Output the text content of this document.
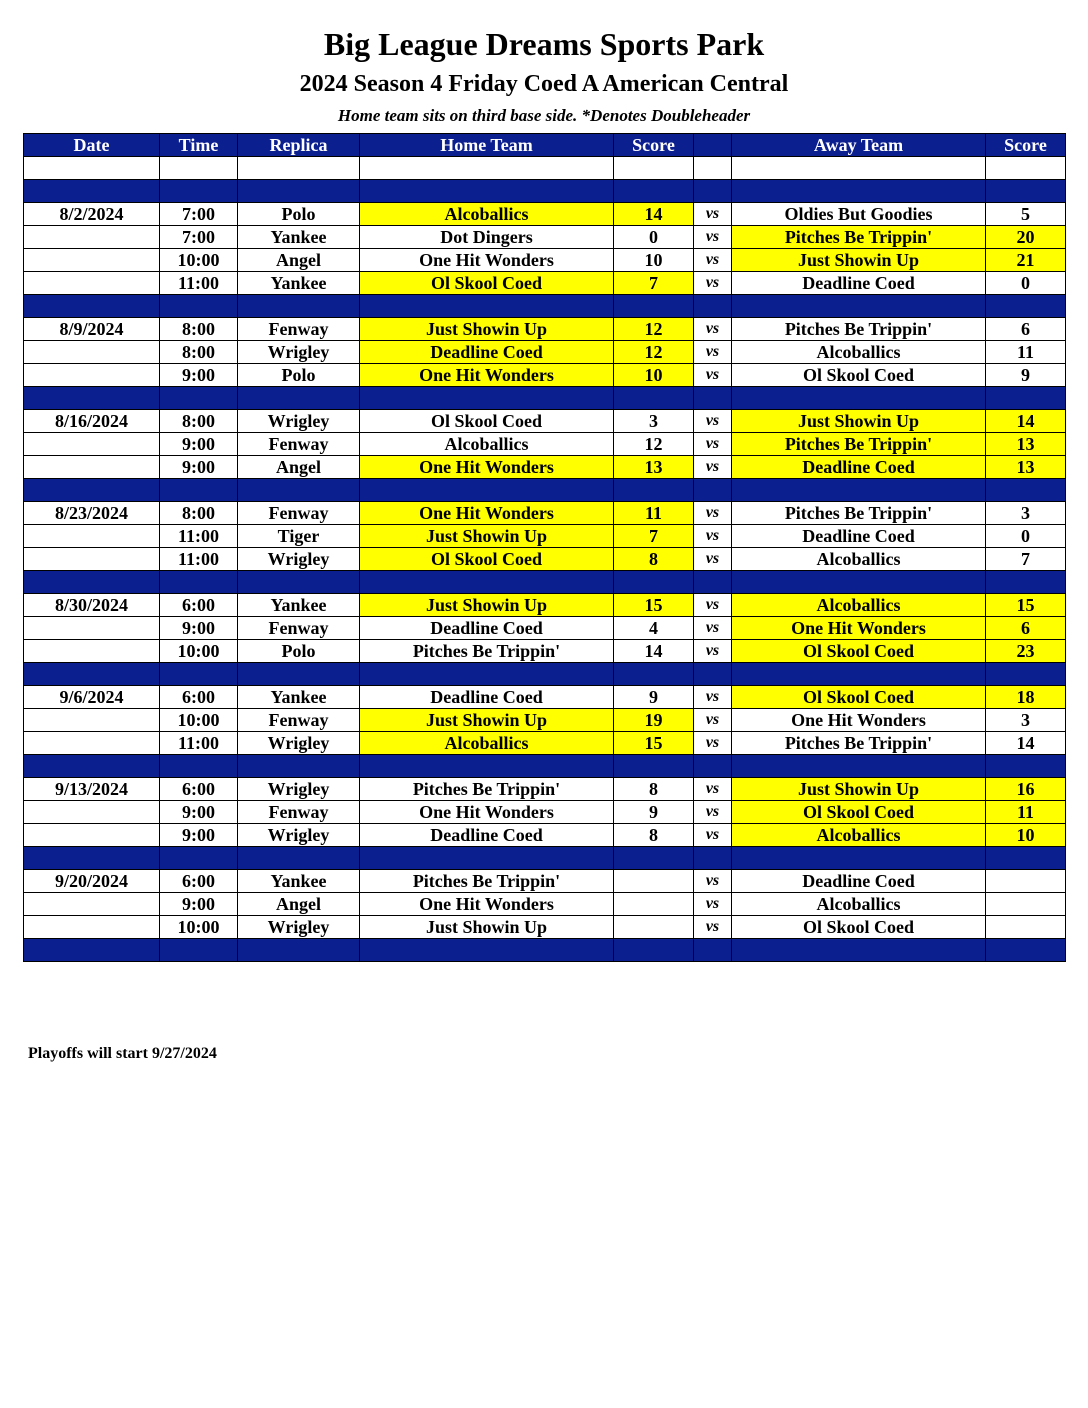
Big League Dreams Sports Park
2024 Season 4 Friday Coed A American Central
Home team sits on third base side. *Denotes Doubleheader
Date	Time	Replica	Home Team	Score		Away Team	Score

8/2/2024	7:00	Polo	Alcoballics	14	vs	Oldies But Goodies	5
	7:00	Yankee	Dot Dingers	0	vs	Pitches Be Trippin'	20
	10:00	Angel	One Hit Wonders	10	vs	Just Showin Up	21
	11:00	Yankee	Ol Skool Coed	7	vs	Deadline Coed	0

8/9/2024	8:00	Fenway	Just Showin Up	12	vs	Pitches Be Trippin'	6
	8:00	Wrigley	Deadline Coed	12	vs	Alcoballics	11
	9:00	Polo	One Hit Wonders	10	vs	Ol Skool Coed	9

8/16/2024	8:00	Wrigley	Ol Skool Coed	3	vs	Just Showin Up	14
	9:00	Fenway	Alcoballics	12	vs	Pitches Be Trippin'	13
	9:00	Angel	One Hit Wonders	13	vs	Deadline Coed	13

8/23/2024	8:00	Fenway	One Hit Wonders	11	vs	Pitches Be Trippin'	3
	11:00	Tiger	Just Showin Up	7	vs	Deadline Coed	0
	11:00	Wrigley	Ol Skool Coed	8	vs	Alcoballics	7

8/30/2024	6:00	Yankee	Just Showin Up	15	vs	Alcoballics	15
	9:00	Fenway	Deadline Coed	4	vs	One Hit Wonders	6
	10:00	Polo	Pitches Be Trippin'	14	vs	Ol Skool Coed	23

9/6/2024	6:00	Yankee	Deadline Coed	9	vs	Ol Skool Coed	18
	10:00	Fenway	Just Showin Up	19	vs	One Hit Wonders	3
	11:00	Wrigley	Alcoballics	15	vs	Pitches Be Trippin'	14

9/13/2024	6:00	Wrigley	Pitches Be Trippin'	8	vs	Just Showin Up	16
	9:00	Fenway	One Hit Wonders	9	vs	Ol Skool Coed	11
	9:00	Wrigley	Deadline Coed	8	vs	Alcoballics	10

9/20/2024	6:00	Yankee	Pitches Be Trippin'		vs	Deadline Coed	
	9:00	Angel	One Hit Wonders		vs	Alcoballics	
	10:00	Wrigley	Just Showin Up		vs	Ol Skool Coed	

Playoffs will start 9/27/2024
